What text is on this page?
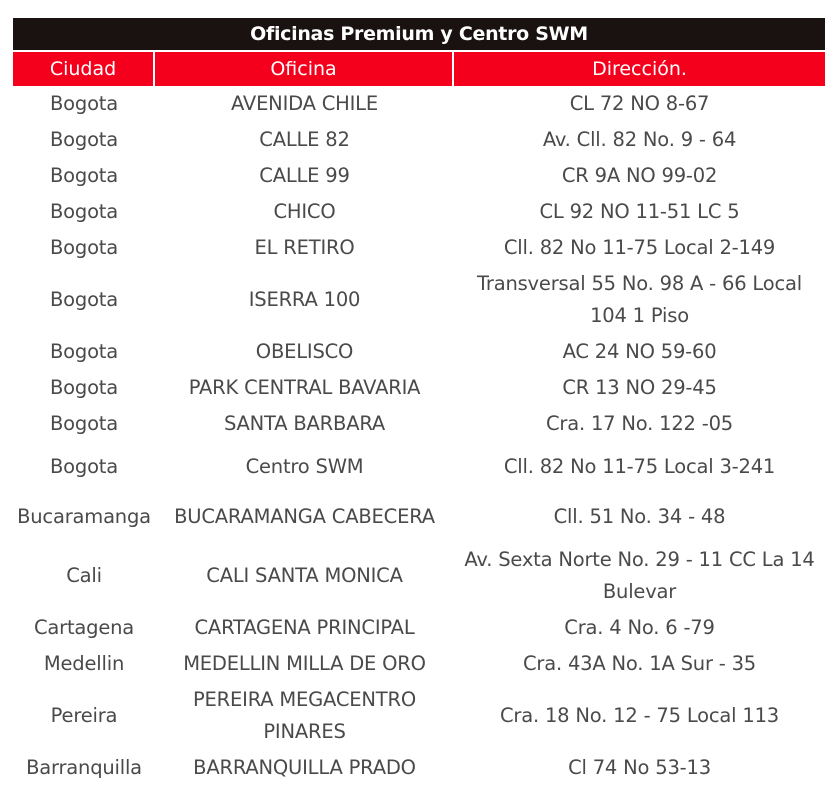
Oficinas Premium y Centro SWM
Ciudad	Oficina	Dirección.
Bogota	AVENIDA CHILE	CL 72 NO 8-67
Bogota	CALLE 82	Av. Cll. 82 No. 9 - 64
Bogota	CALLE 99	CR 9A NO 99-02
Bogota	CHICO	CL 92 NO 11-51 LC 5
Bogota	EL RETIRO	Cll. 82 No 11-75 Local 2-149
Bogota	ISERRA 100	Transversal 55 No. 98 A - 66 Local 104 1 Piso
Bogota	OBELISCO	AC 24 NO 59-60
Bogota	PARK CENTRAL BAVARIA	CR 13 NO 29-45
Bogota	SANTA BARBARA	Cra. 17 No. 122 -05
Bogota	Centro SWM	Cll. 82 No 11-75 Local 3-241
Bucaramanga	BUCARAMANGA CABECERA	Cll. 51 No. 34 - 48
Cali	CALI SANTA MONICA	Av. Sexta Norte No. 29 - 11 CC La 14 Bulevar
Cartagena	CARTAGENA PRINCIPAL	Cra. 4 No. 6 -79
Medellin	MEDELLIN MILLA DE ORO	Cra. 43A No. 1A Sur - 35
Pereira	PEREIRA MEGACENTRO PINARES	Cra. 18 No. 12 - 75 Local 113
Barranquilla	BARRANQUILLA PRADO	Cl 74 No 53-13
